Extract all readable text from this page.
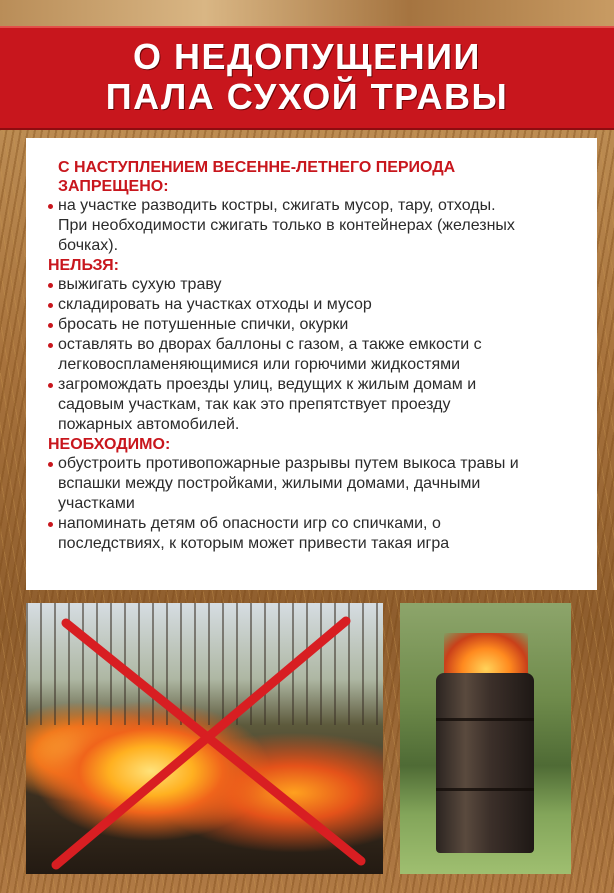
О НЕДОПУЩЕНИИ
ПАЛА СУХОЙ ТРАВЫ

С НАСТУПЛЕНИЕМ ВЕСЕННЕ-ЛЕТНЕГО ПЕРИОДА
ЗАПРЕЩЕНО:

на участке разводить костры, сжигать мусор, тару, отходы.
При необходимости сжигать только в контейнерах (железных
бочках).

НЕЛЬЗЯ:

выжигать сухую траву

складировать на участках отходы и мусор

бросать не потушенные спички, окурки

оставлять во дворах баллоны с газом, а также емкости с
легковоспламеняющимися или горючими жидкостями

загромождать проезды улиц, ведущих к жилым домам и
садовым участкам, так как это препятствует проезду
пожарных автомобилей.

НЕОБХОДИМО:

обустроить противопожарные разрывы путем выкоса травы и
вспашки между постройками, жилыми домами, дачными
участками

напоминать детям об опасности игр со спичками, о
последствиях, к которым может привести такая игра
